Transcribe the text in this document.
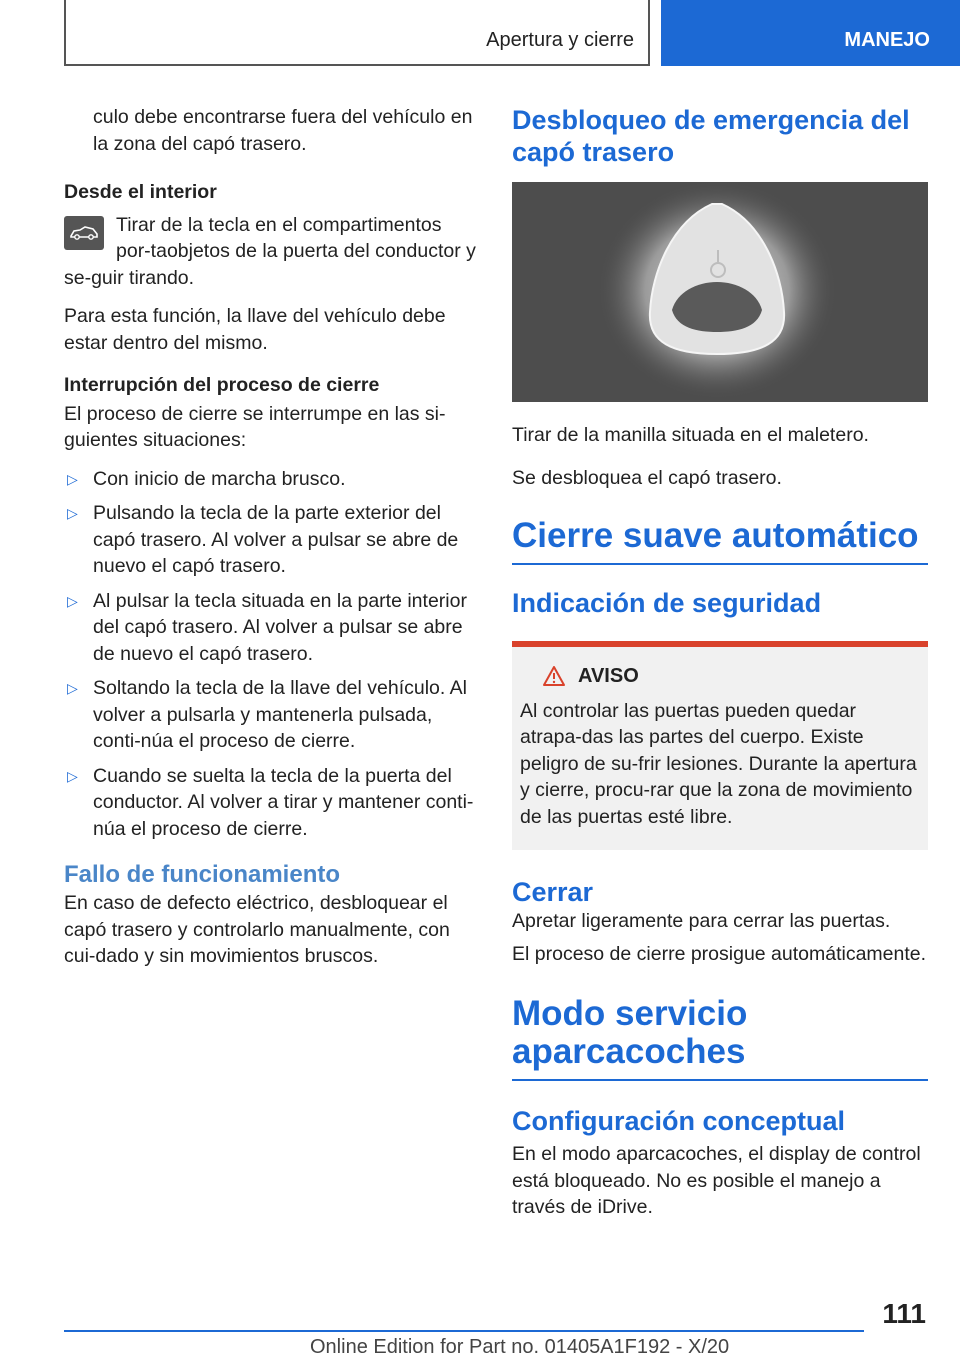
Apertura y cierre	MANEJO
culo debe encontrarse fuera del vehículo en la zona del capó trasero.
Desde el interior
Tirar de la tecla en el compartimentos por-taobjetos de la puerta del conductor y se-guir tirando.
Para esta función, la llave del vehículo debe estar dentro del mismo.
Interrupción del proceso de cierre
El proceso de cierre se interrumpe en las si-guientes situaciones:
▷ Con inicio de marcha brusco.
▷ Pulsando la tecla de la parte exterior del capó trasero. Al volver a pulsar se abre de nuevo el capó trasero.
▷ Al pulsar la tecla situada en la parte interior del capó trasero. Al volver a pulsar se abre de nuevo el capó trasero.
▷ Soltando la tecla de la llave del vehículo. Al volver a pulsarla y mantenerla pulsada, conti-núa el proceso de cierre.
▷ Cuando se suelta la tecla de la puerta del conductor. Al volver a tirar y mantener conti-núa el proceso de cierre.
Fallo de funcionamiento
En caso de defecto eléctrico, desbloquear el capó trasero y controlarlo manualmente, con cui-dado y sin movimientos bruscos.
Desbloqueo de emergencia del capó trasero
Tirar de la manilla situada en el maletero.
Se desbloquea el capó trasero.
Cierre suave automático
Indicación de seguridad
AVISO
Al controlar las puertas pueden quedar atrapa-das las partes del cuerpo. Existe peligro de su-frir lesiones. Durante la apertura y cierre, procu-rar que la zona de movimiento de las puertas esté libre.
Cerrar
Apretar ligeramente para cerrar las puertas.
El proceso de cierre prosigue automáticamente.
Modo servicio aparcacoches
Configuración conceptual
En el modo aparcacoches, el display de control está bloqueado. No es posible el manejo a través de iDrive.
111
Online Edition for Part no. 01405A1F192 - X/20
